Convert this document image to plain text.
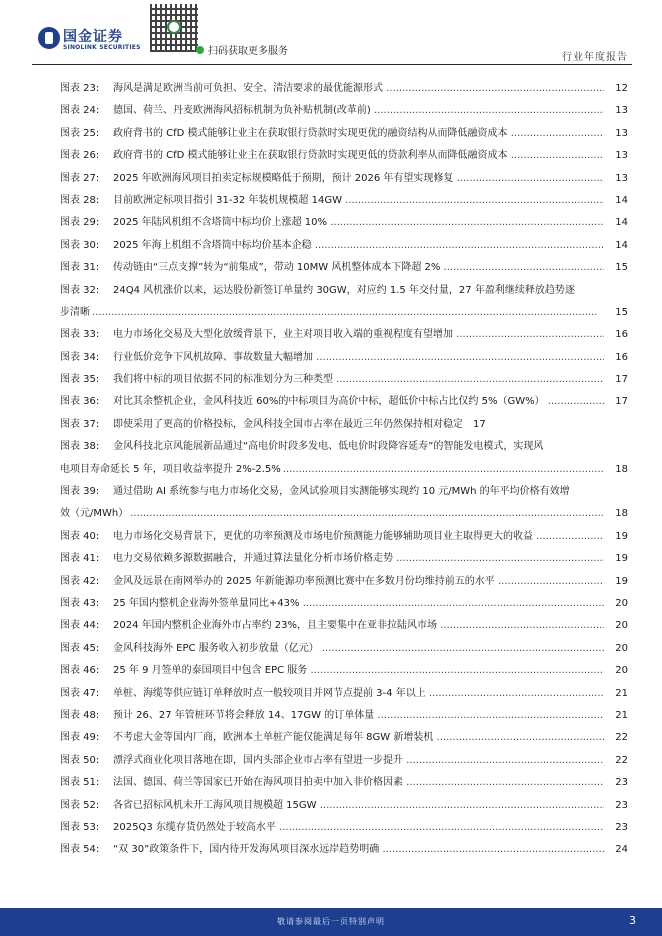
国金证券
SINOLINK SECURITIES	扫码获取更多服务
行业年度报告
图表 23:	海风是满足欧洲当前可负担、安全、清洁要求的最优能源形式 .....	12
图表 24:	德国、荷兰、丹麦欧洲海风招标机制为负补贴机制(改革前) .....	13
图表 25:	政府背书的 CfD 模式能够让业主在获取银行贷款时实现更优的融资结构从而降低融资成本 .....	13
图表 26:	政府背书的 CfD 模式能够让业主在获取银行贷款时实现更低的贷款利率从而降低融资成本 .....	13
图表 27:	2025 年欧洲海风项目拍卖定标规模略低于预期，预计 2026 年有望实现修复 .....	13
图表 28:	目前欧洲定标项目指引 31-32 年装机规模超 14GW .....	14
图表 29:	2025 年陆风机组不含塔筒中标均价上涨超 10% .....	14
图表 30:	2025 年海上机组不含塔筒中标均价基本企稳 .....	14
图表 31:	传动链由“三点支撑”转为“前集成”，带动 10MW 风机整体成本下降超 2% .....	15
图表 32:	24Q4 风机涨价以来，运达股份新签订单量约 30GW，对应约 1.5 年交付量，27 年盈利继续释放趋势逐
步清晰 .....	15
图表 33:	电力市场化交易及大型化放缓背景下，业主对项目收入端的重视程度有望增加 .....	16
图表 34:	行业低价竞争下风机故障、事故数量大幅增加 .....	16
图表 35:	我们将中标的项目依据不同的标准划分为三种类型 .....	17
图表 36:	对比其余整机企业，金风科技近 60%的中标项目为高价中标，超低价中标占比仅约 5%（GW%） .....	17
图表 37:	即使采用了更高的价格投标，金风科技全国市占率在最近三年仍然保持相对稳定 17
图表 38:	金风科技北京风能展新品通过“高电价时段多发电、低电价时段降容延寿”的智能发电模式，实现风
电项目寿命延长 5 年，项目收益率提升 2%-2.5% .....	18
图表 39:	通过借助 AI 系统参与电力市场化交易，金风试验项目实测能够实现约 10 元/MWh 的年平均价格有效增
效（元/MWh） .....	18
图表 40:	电力市场化交易背景下，更优的功率预测及市场电价预测能力能够辅助项目业主取得更大的收益 .....	19
图表 41:	电力交易依赖多源数据融合，并通过算法量化分析市场价格走势 .....	19
图表 42:	金风及远景在南网举办的 2025 年新能源功率预测比赛中在多数月份均维持前五的水平 .....	19
图表 43:	25 年国内整机企业海外签单量同比+43% .....	20
图表 44:	2024 年国内整机企业海外市占率约 23%，且主要集中在亚非拉陆风市场 .....	20
图表 45:	金风科技海外 EPC 服务收入初步放量（亿元） .....	20
图表 46:	25 年 9 月签单的泰国项目中包含 EPC 服务 .....	20
图表 47:	单桩、海缆等供应链订单释放时点一般较项目并网节点提前 3-4 年以上 .....	21
图表 48:	预计 26、27 年管桩环节将会释放 14、17GW 的订单体量 .....	21
图表 49:	不考虑大金等国内厂商，欧洲本土单桩产能仅能满足每年 8GW 新增装机 .....	22
图表 50:	漂浮式商业化项目落地在即，国内头部企业市占率有望进一步提升 .....	22
图表 51:	法国、德国、荷兰等国家已开始在海风项目拍卖中加入非价格因素 .....	23
图表 52:	各省已招标风机未开工海风项目规模超 15GW .....	23
图表 53:	2025Q3 东缆存货仍然处于较高水平 .....	23
图表 54:	“双 30”政策条件下，国内待开发海风项目深水远岸趋势明确 .....	24
敬请参阅最后一页特别声明	3
